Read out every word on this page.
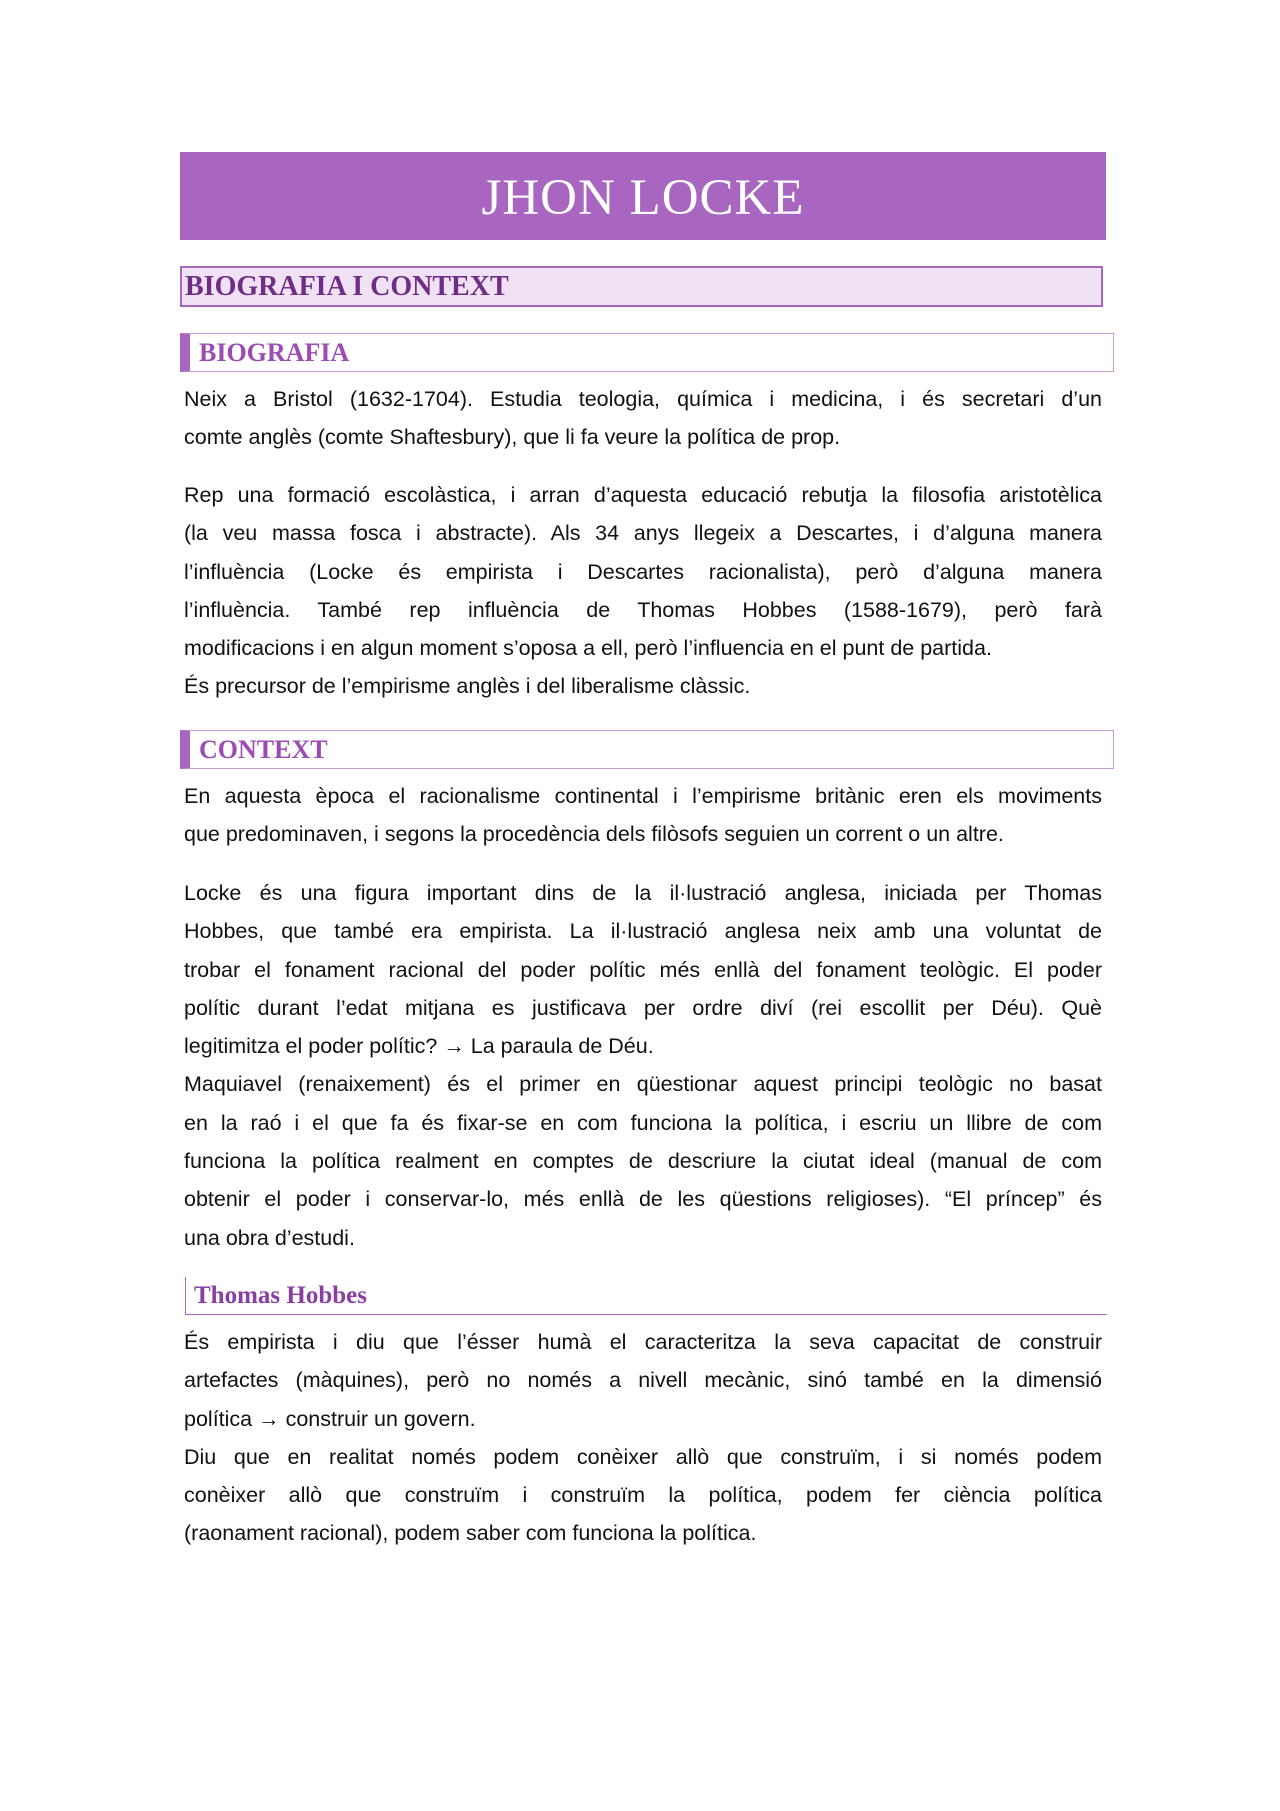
JHON LOCKE
BIOGRAFIA I CONTEXT
BIOGRAFIA
Neix a Bristol (1632-1704). Estudia teologia, química i medicina, i és secretari d’un
comte anglès (comte Shaftesbury), que li fa veure la política de prop.
Rep una formació escolàstica, i arran d’aquesta educació rebutja la filosofia aristotèlica
(la veu massa fosca i abstracte). Als 34 anys llegeix a Descartes, i d’alguna manera
l’influència (Locke és empirista i Descartes racionalista), però d’alguna manera
l’influència. També rep influència de Thomas Hobbes (1588-1679), però farà
modificacions i en algun moment s’oposa a ell, però l’influencia en el punt de partida.
És precursor de l’empirisme anglès i del liberalisme clàssic.
CONTEXT
En aquesta època el racionalisme continental i l’empirisme britànic eren els moviments
que predominaven, i segons la procedència dels filòsofs seguien un corrent o un altre.
Locke és una figura important dins de la il·lustració anglesa, iniciada per Thomas
Hobbes, que també era empirista. La il·lustració anglesa neix amb una voluntat de
trobar el fonament racional del poder polític més enllà del fonament teològic. El poder
polític durant l’edat mitjana es justificava per ordre diví (rei escollit per Déu). Què
legitimitza el poder polític? → La paraula de Déu.
Maquiavel (renaixement) és el primer en qüestionar aquest principi teològic no basat
en la raó i el que fa és fixar-se en com funciona la política, i escriu un llibre de com
funciona la política realment en comptes de descriure la ciutat ideal (manual de com
obtenir el poder i conservar-lo, més enllà de les qüestions religioses). “El príncep” és
una obra d’estudi.
Thomas Hobbes
És empirista i diu que l’ésser humà el caracteritza la seva capacitat de construir
artefactes (màquines), però no només a nivell mecànic, sinó també en la dimensió
política → construir un govern.
Diu que en realitat només podem conèixer allò que construïm, i si només podem
conèixer allò que construïm i construïm la política, podem fer ciència política
(raonament racional), podem saber com funciona la política.
